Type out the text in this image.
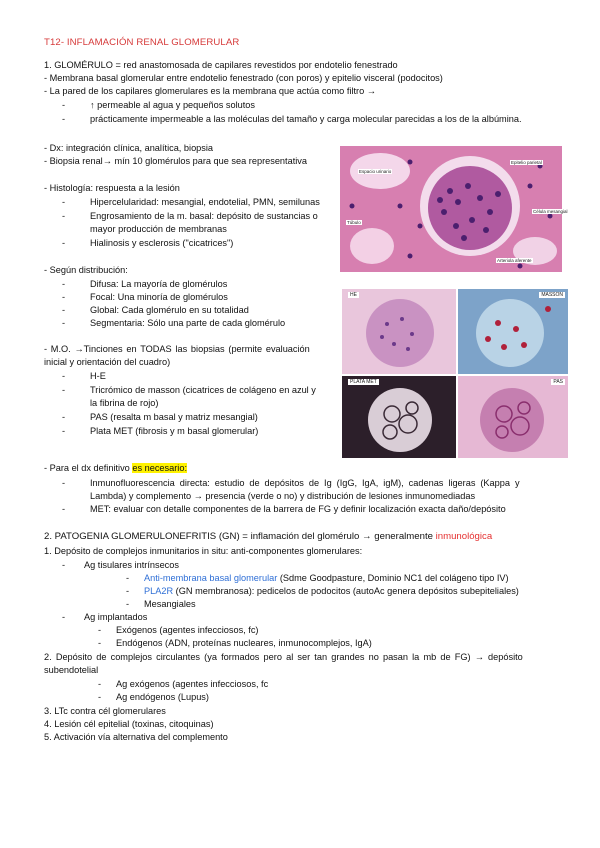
T12- INFLAMACIÓN RENAL GLOMERULAR
1. GLOMÉRULO = red anastomosada de capilares revestidos por endotelio fenestrado
- Membrana basal glomerular entre endotelio fenestrado (con poros) y epitelio visceral (podocitos)
- La pared de los capilares glomerulares es la membrana que actúa como filtro →
-	↑ permeable al agua y pequeños solutos
-	prácticamente impermeable a las moléculas del tamaño y carga molecular parecidas a los de la albúmina.
- Dx: integración clínica, analítica, biopsia
- Biopsia renal→ mín 10 glomérulos para que sea representativa
- Histología: respuesta a la lesión
-	Hipercelularidad: mesangial, endotelial, PMN, semilunas
-	Engrosamiento de la m. basal: depósito de sustancias o
mayor producción de membranas
-	Hialinosis y esclerosis ("cicatrices")
- Según distribución:
-	Difusa: La mayoría de glomérulos
-	Focal: Una minoría de glomérulos
-	Global: Cada glomérulo en su totalidad
-	Segmentaria: Sólo una parte de cada glomérulo
- M.O. →Tinciones en TODAS las biopsias (permite evaluación
inicial y orientación del cuadro)
-	H-E
-	Tricrómico de masson (cicatrices de colágeno en azul y
la fibrina de rojo)
-	PAS (resalta m basal y matriz mesangial)
-	Plata MET (fibrosis y m basal glomerular)
- Para el dx definitivo es necesario:
-	Inmunofluorescencia directa: estudio de depósitos de Ig (IgG, IgA, igM), cadenas ligeras (Kappa y
Lambda) y complemento → presencia (verde o no) y distribución de lesiones inmunomediadas
-	MET: evaluar con detalle componentes de la barrera de FG y definir localización exacta daño/depósito
2. PATOGENIA GLOMERULONEFRITIS (GN) = inflamación del glomérulo → generalmente inmunológica
1. Depósito de complejos inmunitarios in situ: anti-componentes glomerulares:
- Ag tisulares intrínsecos
- Anti-membrana basal glomerular (Sdme Goodpasture, Dominio NC1 del colágeno tipo IV)
- PLA2R (GN membranosa): pedicelos de podocitos (autoAc genera depósitos subepiteliales)
- Mesangiales
- Ag implantados
- Exógenos (agentes infecciosos, fc)
- Endógenos (ADN, proteínas nucleares, inmunocomplejos, IgA)
2. Depósito de complejos circulantes (ya formados pero al ser tan grandes no pasan la mb de FG) → depósito
subendotelial
- Ag exógenos (agentes infecciosos, fc
- Ag endógenos (Lupus)
3. LTc contra cél glomerulares
4. Lesión cél epitelial (toxinas, citoquinas)
5. Activación vía alternativa del complemento
Espacio urinario
Epitelio parietal
Célula mesangial
Túbulo
Arteriola aferente
HE	MASSON
PLATA MET	PAS
